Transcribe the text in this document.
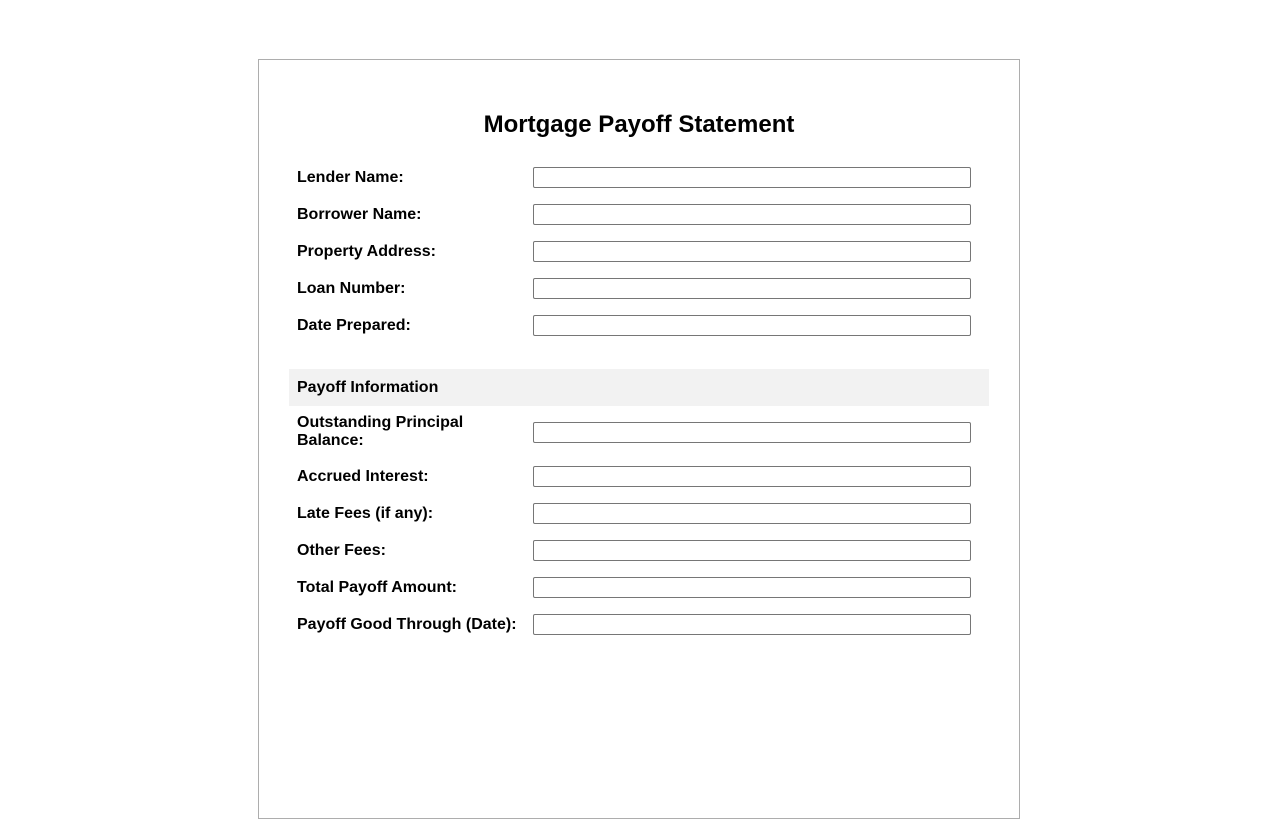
Mortgage Payoff Statement
Lender Name:	

Borrower Name:	

Property Address:	

Loan Number:	

Date Prepared:	
Payoff Information
Outstanding Principal Balance:	

Accrued Interest:	

Late Fees (if any):	

Other Fees:	

Total Payoff Amount:	

Payoff Good Through (Date):	
